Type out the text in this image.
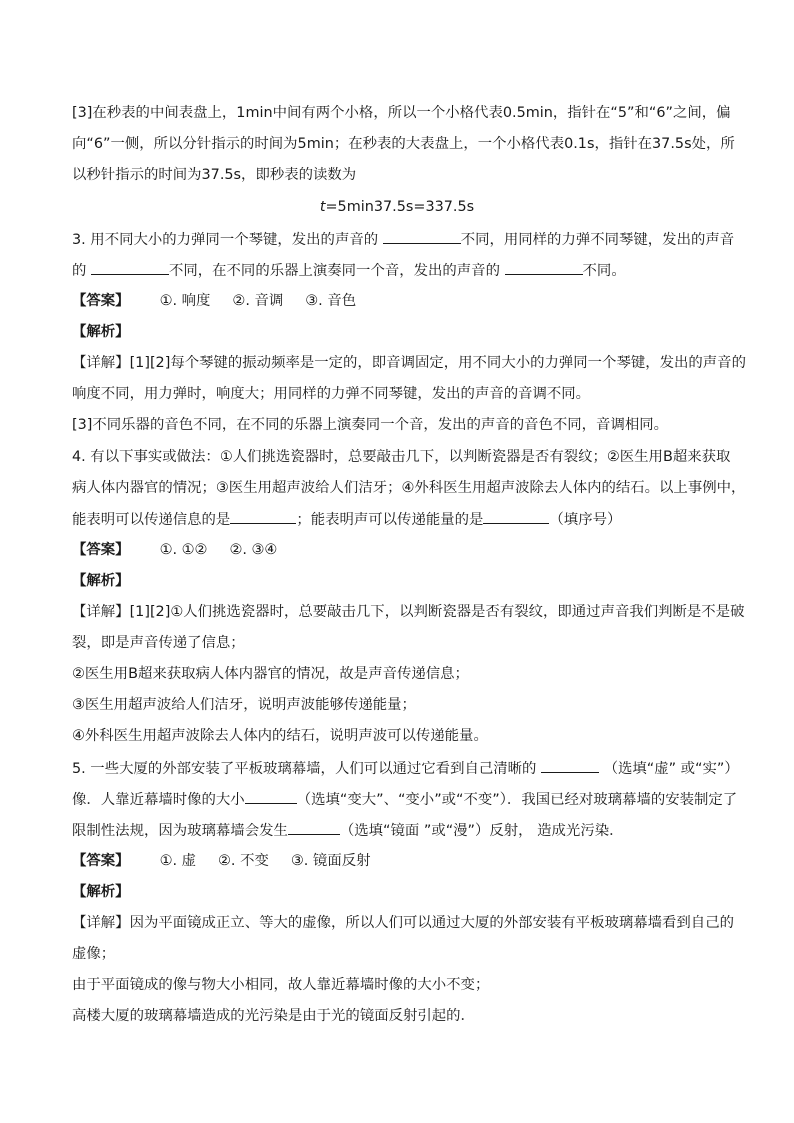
[3]在秒表的中间表盘上，1min中间有两个小格，所以一个小格代表0.5min，指针在“5”和“6”之间，偏
向“6”一侧，所以分针指示的时间为5min；在秒表的大表盘上，一个小格代表0.1s，指针在37.5s处，所
以秒针指示的时间为37.5s，即秒表的读数为
t=5min37.5s=337.5s
3. 用不同大小的力弹同一个琴键，发出的声音的	不同，用同样的力弹不同琴键，发出的声音
的	不同，在不同的乐器上演奏同一个音，发出的声音的	不同。
【答案】 ①. 响度 ②. 音调 ③. 音色
【解析】
【详解】[1][2]每个琴键的振动频率是一定的，即音调固定，用不同大小的力弹同一个琴键，发出的声音的
响度不同，用力弹时，响度大；用同样的力弹不同琴键，发出的声音的音调不同。
[3]不同乐器的音色不同，在不同的乐器上演奏同一个音，发出的声音的音色不同，音调相同。
4. 有以下事实或做法：①人们挑选瓷器时，总要敲击几下，以判断瓷器是否有裂纹；②医生用B超来获取
病人体内器官的情况；③医生用超声波给人们洁牙；④外科医生用超声波除去人体内的结石。以上事例中，
能表明可以传递信息的是	；能表明声可以传递能量的是	（填序号）
【答案】 ①. ①② ②. ③④
【解析】
【详解】[1][2]①人们挑选瓷器时，总要敲击几下，以判断瓷器是否有裂纹，即通过声音我们判断是不是破
裂，即是声音传递了信息；
②医生用B超来获取病人体内器官的情况，故是声音传递信息；
③医生用超声波给人们洁牙，说明声波能够传递能量；
④外科医生用超声波除去人体内的结石，说明声波可以传递能量。
5. 一些大厦的外部安装了平板玻璃幕墙，人们可以通过它看到自己清晰的	（选填“虚” 或“实”）
像．人靠近幕墙时像的大小	（选填“变大”、“变小”或“不变”）．我国已经对玻璃幕墙的安装制定了
限制性法规，因为玻璃幕墙会发生	（选填“镜面 ”或“漫”）反射， 造成光污染．
【答案】 ①. 虚 ②. 不变 ③. 镜面反射
【解析】
【详解】因为平面镜成正立、等大的虚像，所以人们可以通过大厦的外部安装有平板玻璃幕墙看到自己的
虚像；
由于平面镜成的像与物大小相同，故人靠近幕墙时像的大小不变；
高楼大厦的玻璃幕墙造成的光污染是由于光的镜面反射引起的．
